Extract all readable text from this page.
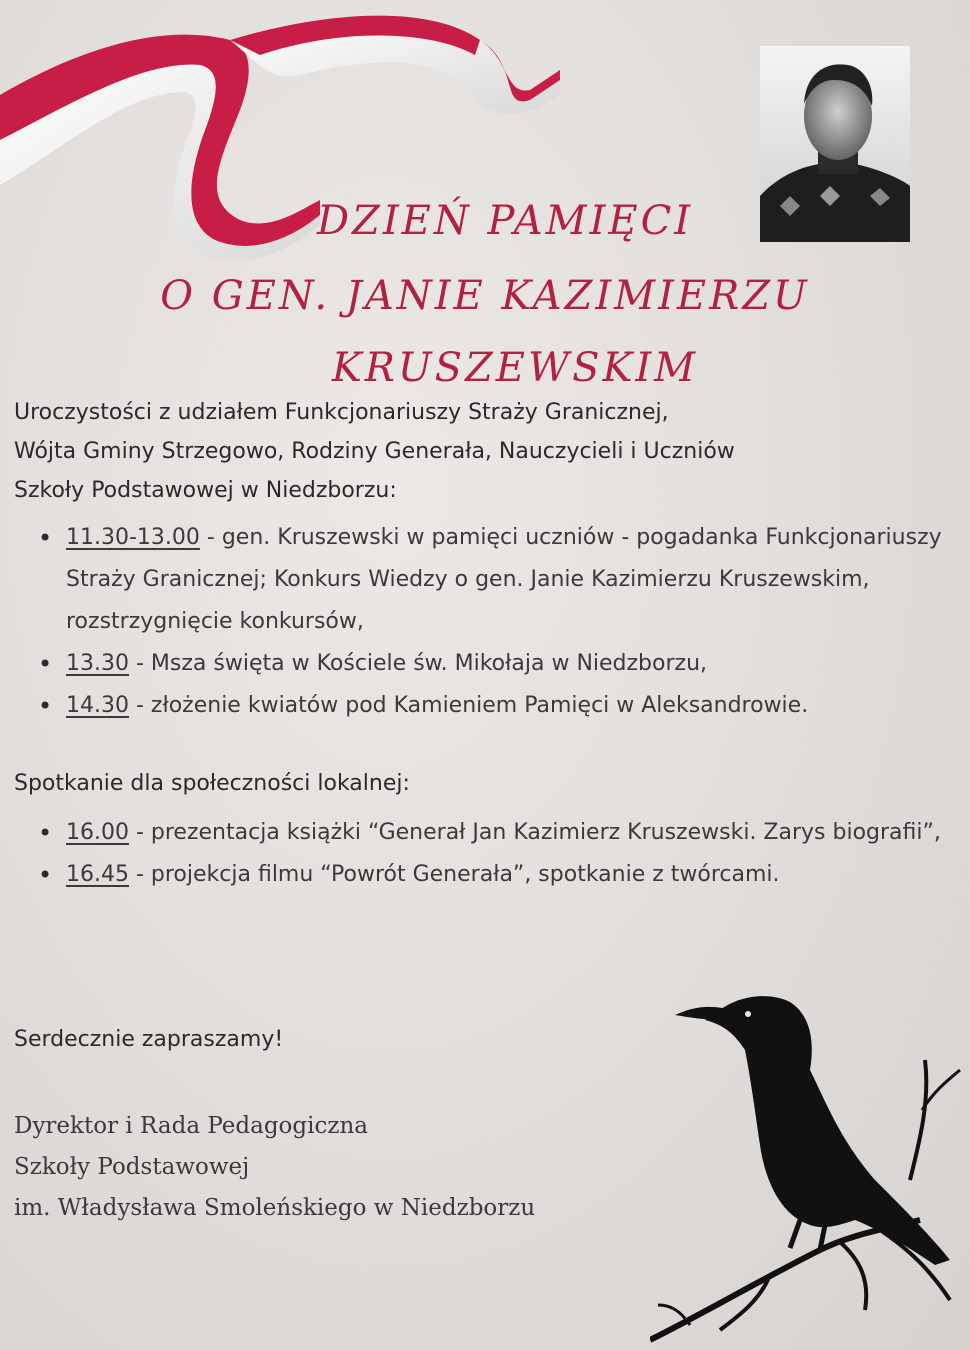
DZIEŃ PAMIĘCI
O GEN. JANIE KAZIMIERZU
KRUSZEWSKIM

Uroczystości z udziałem Funkcjonariuszy Straży Granicznej,
Wójta Gminy Strzegowo, Rodziny Generała, Nauczycieli i Uczniów
Szkoły Podstawowej w Niedzborzu:

• 11.30-13.00 - gen. Kruszewski w pamięci uczniów - pogadanka Funkcjonariuszy Straży Granicznej; Konkurs Wiedzy o gen. Janie Kazimierzu Kruszewskim, rozstrzygnięcie konkursów,
• 13.30 - Msza święta w Kościele św. Mikołaja w Niedzborzu,
• 14.30 - złożenie kwiatów pod Kamieniem Pamięci w Aleksandrowie.
Spotkanie dla społeczności lokalnej:
• 16.00 - prezentacja książki “Generał Jan Kazimierz Kruszewski. Zarys biografii”,
• 16.45 - projekcja filmu “Powrót Generała”, spotkanie z twórcami.
Serdecznie zapraszamy!
Dyrektor i Rada Pedagogiczna
Szkoły Podstawowej
im. Władysława Smoleńskiego w Niedzborzu
